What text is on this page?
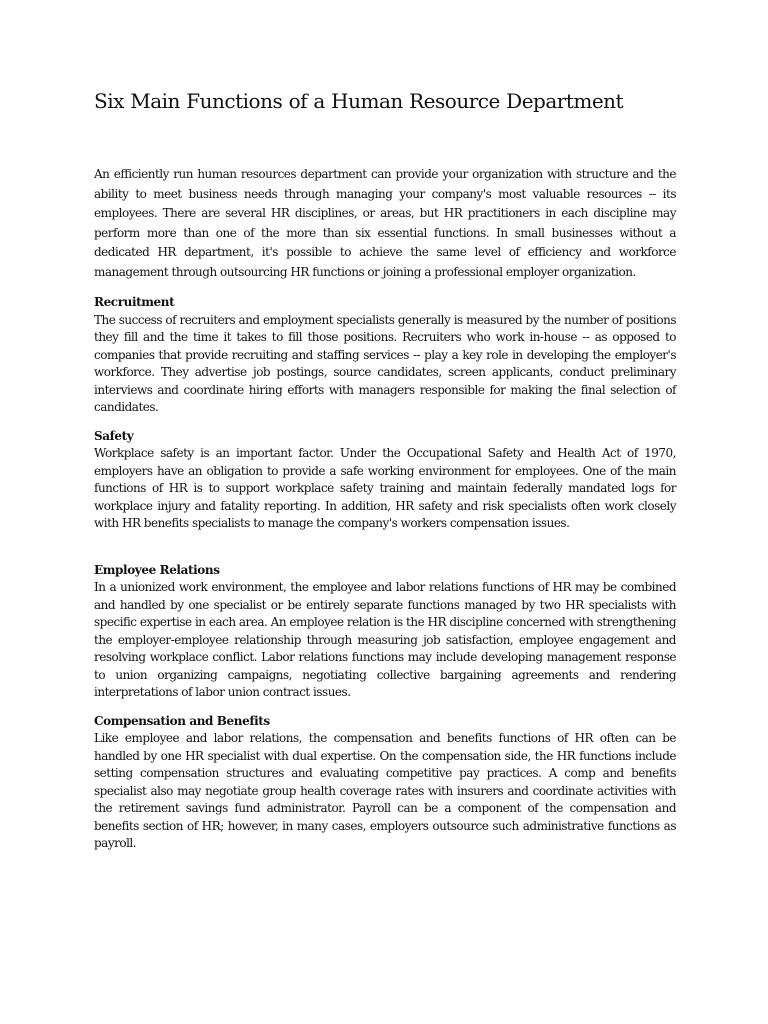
Six Main Functions of a Human Resource Department

An efficiently run human resources department can provide your organization with structure and the ability to meet business needs through managing your company's most valuable resources -- its employees. There are several HR disciplines, or areas, but HR practitioners in each discipline may perform more than one of the more than six essential functions. In small businesses without a dedicated HR department, it's possible to achieve the same level of efficiency and workforce management through outsourcing HR functions or joining a professional employer organization.

Recruitment

The success of recruiters and employment specialists generally is measured by the number of positions they fill and the time it takes to fill those positions. Recruiters who work in-house -- as opposed to companies that provide recruiting and staffing services -- play a key role in developing the employer's workforce. They advertise job postings, source candidates, screen applicants, conduct preliminary interviews and coordinate hiring efforts with managers responsible for making the final selection of candidates.

Safety

Workplace safety is an important factor. Under the Occupational Safety and Health Act of 1970, employers have an obligation to provide a safe working environment for employees. One of the main functions of HR is to support workplace safety training and maintain federally mandated logs for workplace injury and fatality reporting. In addition, HR safety and risk specialists often work closely with HR benefits specialists to manage the company's workers compensation issues.

Employee Relations

In a unionized work environment, the employee and labor relations functions of HR may be combined and handled by one specialist or be entirely separate functions managed by two HR specialists with specific expertise in each area. An employee relation is the HR discipline concerned with strengthening the employer-employee relationship through measuring job satisfaction, employee engagement and resolving workplace conflict. Labor relations functions may include developing management response to union organizing campaigns, negotiating collective bargaining agreements and rendering interpretations of labor union contract issues.

Compensation and Benefits

Like employee and labor relations, the compensation and benefits functions of HR often can be handled by one HR specialist with dual expertise. On the compensation side, the HR functions include setting compensation structures and evaluating competitive pay practices. A comp and benefits specialist also may negotiate group health coverage rates with insurers and coordinate activities with the retirement savings fund administrator. Payroll can be a component of the compensation and benefits section of HR; however, in many cases, employers outsource such administrative functions as payroll.
